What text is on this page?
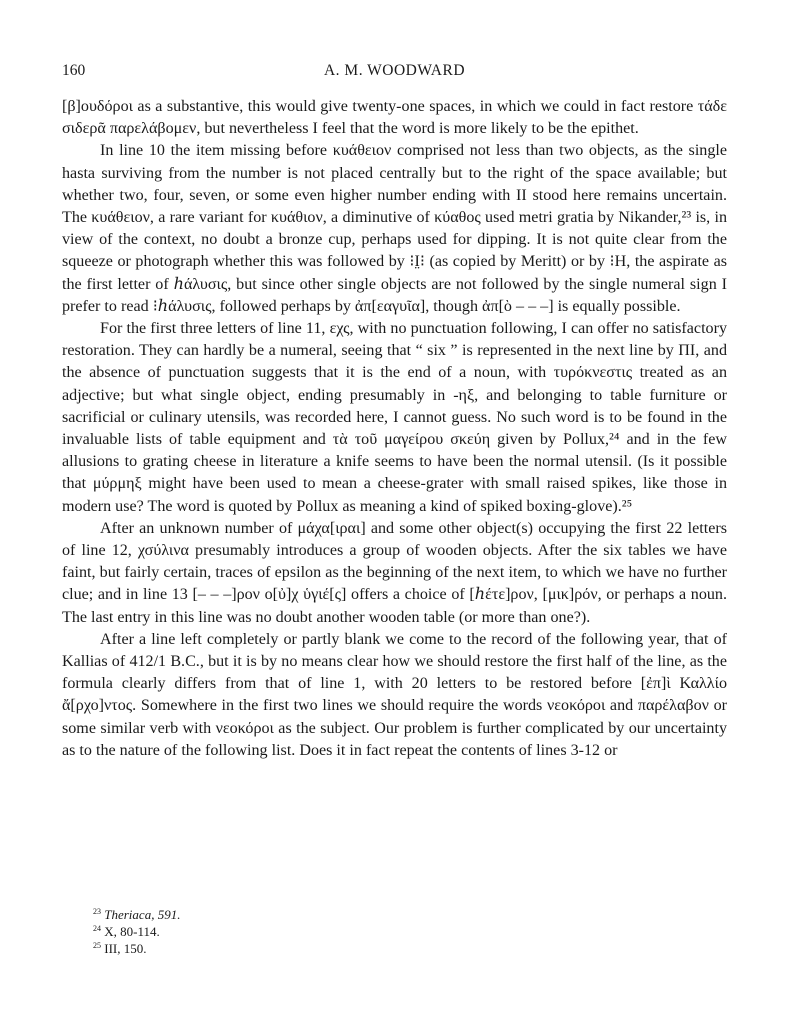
160	A. M. WOODWARD

[β]ουδόροι as a substantive, this would give twenty-one spaces, in which we could in fact restore τάδε σιδερᾶ παρελάβομεν, but nevertheless I feel that the word is more likely to be the epithet.

In line 10 the item missing before κυάθειον comprised not less than two objects, as the single hasta surviving from the number is not placed centrally but to the right of the space available; but whether two, four, seven, or some even higher number ending with II stood here remains uncertain. The κυάθειον, a rare variant for κυάθιον, a diminutive of κύαθος used metri gratia by Nikander,²³ is, in view of the context, no doubt a bronze cup, perhaps used for dipping. It is not quite clear from the squeeze or photograph whether this was followed by ⁝I̤⁝ (as copied by Meritt) or by ⁝H, the aspirate as the first letter of ℎάλυσις, but since other single objects are not followed by the single numeral sign I prefer to read ⁝ℎάλυσις, followed perhaps by ἀπ[εαγυῖα], though ἀπ[ὸ – – –] is equally possible.

For the first three letters of line 11, εχς, with no punctuation following, I can offer no satisfactory restoration. They can hardly be a numeral, seeing that “ six ” is represented in the next line by ΠI, and the absence of punctuation suggests that it is the end of a noun, with τυρόκνεστις treated as an adjective; but what single object, ending presumably in -ηξ, and belonging to table furniture or sacrificial or culinary utensils, was recorded here, I cannot guess. No such word is to be found in the invaluable lists of table equipment and τὰ τοῦ μαγείρου σκεύη given by Pollux,²⁴ and in the few allusions to grating cheese in literature a knife seems to have been the normal utensil. (Is it possible that μύρμηξ might have been used to mean a cheese-grater with small raised spikes, like those in modern use? The word is quoted by Pollux as meaning a kind of spiked boxing-glove).²⁵

After an unknown number of μάχα[ιραι] and some other object(s) occupying the first 22 letters of line 12, χσύλινα presumably introduces a group of wooden objects. After the six tables we have faint, but fairly certain, traces of epsilon as the beginning of the next item, to which we have no further clue; and in line 13 [– – –]ρον ο[ὐ]χ ὑγιέ[ς] offers a choice of [ℎέτε]ρον, [μικ]ρόν, or perhaps a noun. The last entry in this line was no doubt another wooden table (or more than one?).

After a line left completely or partly blank we come to the record of the following year, that of Kallias of 412/1 B.C., but it is by no means clear how we should restore the first half of the line, as the formula clearly differs from that of line 1, with 20 letters to be restored before [ἐπ]ὶ Καλλίο ἄ[ρχο]ντος. Somewhere in the first two lines we should require the words νεοκόροι and παρέλαβον or some similar verb with νεοκόροι as the subject. Our problem is further complicated by our uncertainty as to the nature of the following list. Does it in fact repeat the contents of lines 3-12 or

$^{23}$ Theriaca, 591.
$^{24}$ X, 80-114.
$^{25}$ III, 150.
